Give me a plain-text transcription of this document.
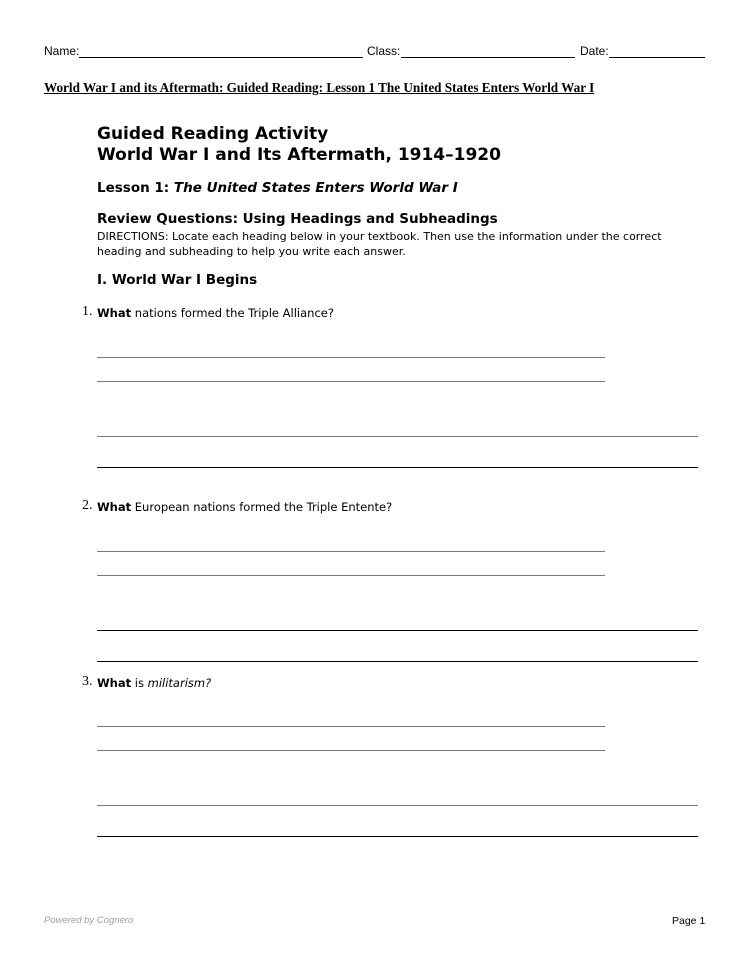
Name:	Class:	Date:
World War I and its Aftermath: Guided Reading: Lesson 1 The United States Enters World War I
Guided Reading Activity
World War I and Its Aftermath, 1914–1920
Lesson 1: The United States Enters World War I
Review Questions: Using Headings and Subheadings
DIRECTIONS: Locate each heading below in your textbook. Then use the information under the correct heading and subheading to help you write each answer.
I. World War I Begins
1. What nations formed the Triple Alliance?
2. What European nations formed the Triple Entente?
3. What is militarism?
Powered by Cognero	Page 1
